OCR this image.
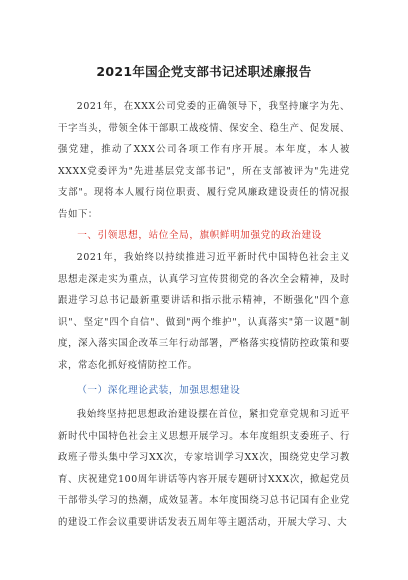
2021年国企党支部书记述职述廉报告

2021年，在XXX公司党委的正确领导下，我坚持廉字为先、干字当头，带领全体干部职工战疫情、保安全、稳生产、促发展、强党建，推动了XXX公司各项工作有序开展。本年度，本人被XXXX党委评为"先进基层党支部书记"，所在支部被评为"先进党支部"。现将本人履行岗位职责、履行党风廉政建设责任的情况报告如下：

一、引领思想，站位全局，旗帜鲜明加强党的政治建设

2021年，我始终以持续推进习近平新时代中国特色社会主义思想走深走实为重点，认真学习宣传贯彻党的各次全会精神，及时跟进学习总书记最新重要讲话和指示批示精神，不断强化"四个意识"、坚定"四个自信"、做到"两个维护"，认真落实"第一议题"制度，深入落实国企改革三年行动部署，严格落实疫情防控政策和要求，常态化抓好疫情防控工作。

（一）深化理论武装，加强思想建设

我始终坚持把思想政治建设摆在首位，紧扣党章党规和习近平新时代中国特色社会主义思想开展学习。本年度组织支委班子、行政班子带头集中学习XX次，专家培训学习XX次，围绕党史学习教育、庆祝建党100周年讲话等内容开展专题研讨XXX次，掀起党员干部带头学习的热潮，成效显著。本年度围绕习总书记国有企业党的建设工作会议重要讲话发表五周年等主题活动，开展大学习、大
